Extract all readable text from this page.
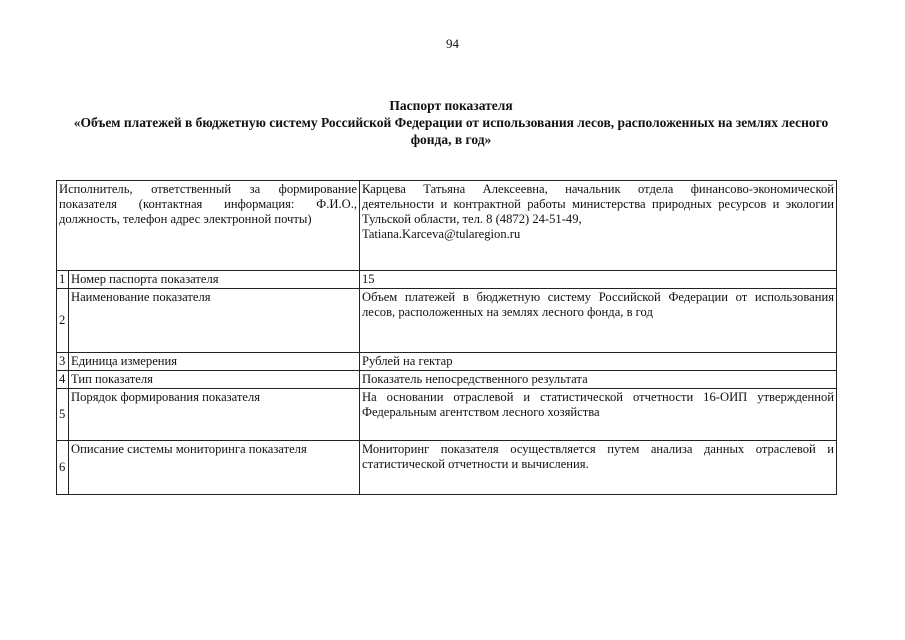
94
Паспорт показателя
«Объем платежей в бюджетную систему Российской Федерации от использования лесов, расположенных на землях лесного фонда, в год»
Исполнитель, ответственный за формирование показателя (контактная информация: Ф.И.О., должность, телефон адрес электронной почты)		Карцева Татьяна Алексеевна, начальник отдела финансово-экономической деятельности и контрактной работы министерства природных ресурсов и экологии Тульской области, тел. 8 (4872) 24-51-49,
Tatiana.Karceva@tularegion.ru
1	Номер паспорта показателя	15
2	Наименование показателя	Объем платежей в бюджетную систему Российской Федерации от использования лесов, расположенных на землях лесного фонда, в год
3	Единица измерения	Рублей на гектар
4	Тип показателя	Показатель непосредственного результата
5	Порядок формирования показателя	На основании отраслевой и статистической отчетности 16-ОИП утвержденной Федеральным агентством лесного хозяйства
6	Описание системы мониторинга показателя	Мониторинг показателя осуществляется путем анализа данных отраслевой и статистической отчетности и вычисления.
